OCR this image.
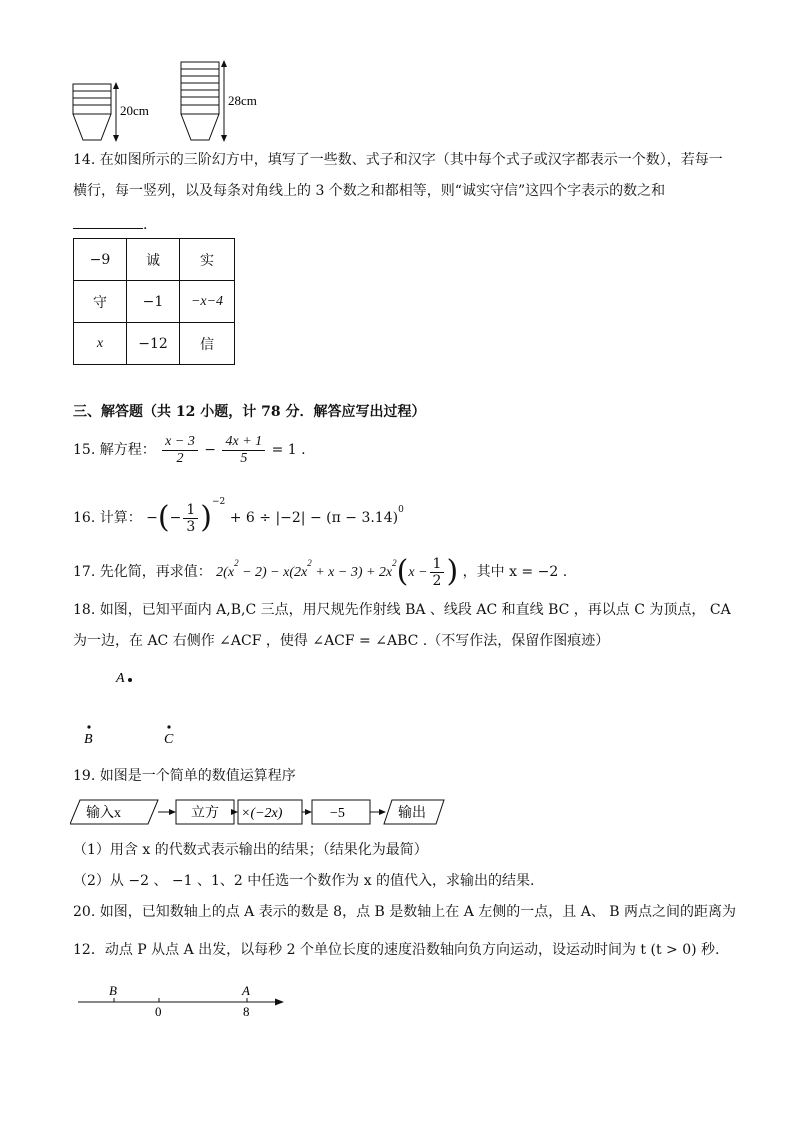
20cm
28cm
14. 在如图所示的三阶幻方中，填写了一些数、式子和汉字（其中每个式子或汉字都表示一个数），若每一
横行，每一竖列，以及每条对角线上的 3 个数之和都相等，则“诚实守信”这四个字表示的数之和
.
−9	诚	实
守	−1	−x−4
x	−12	信
三、解答题（共 12 小题，计 78 分．解答应写出过程）
15. 解方程： $\frac{x - 3}{2} - \frac{4x + 1}{5} = 1$ .
16. 计算： −(− $\frac{1}{3} )^{-2} + 6 \div |-2| - (\pi - 3.14)^0$
17. 先化简，再求值： $2(x^2 - 2) - x(2x^2 + x - 3) + 2x^2(x - \frac{1}{2}$ ) ，其中 x = −2 .
18. 如图，已知平面内 A,B,C 三点，用尺规先作射线 BA 、线段 AC 和直线 BC ，再以点 C 为顶点， CA
为一边，在 AC 右侧作 ∠ACF ，使得 ∠ACF = ∠ABC .（不写作法，保留作图痕迹）
A
B	C
19. 如图是一个简单的数值运算程序
输入x	立方 ×(−2x)	−5	输出
（1）用含 x 的代数式表示输出的结果；（结果化为最简）
（2）从 −2 、 −1 、1、2 中任选一个数作为 x 的值代入，求输出的结果.
20. 如图，已知数轴上的点 A 表示的数是 8，点 B 是数轴上在 A 左侧的一点，且 A、 B 两点之间的距离为
12．动点 P 从点 A 出发，以每秒 2 个单位长度的速度沿数轴向负方向运动，设运动时间为 t (t > 0) 秒.
B	A
0	8
